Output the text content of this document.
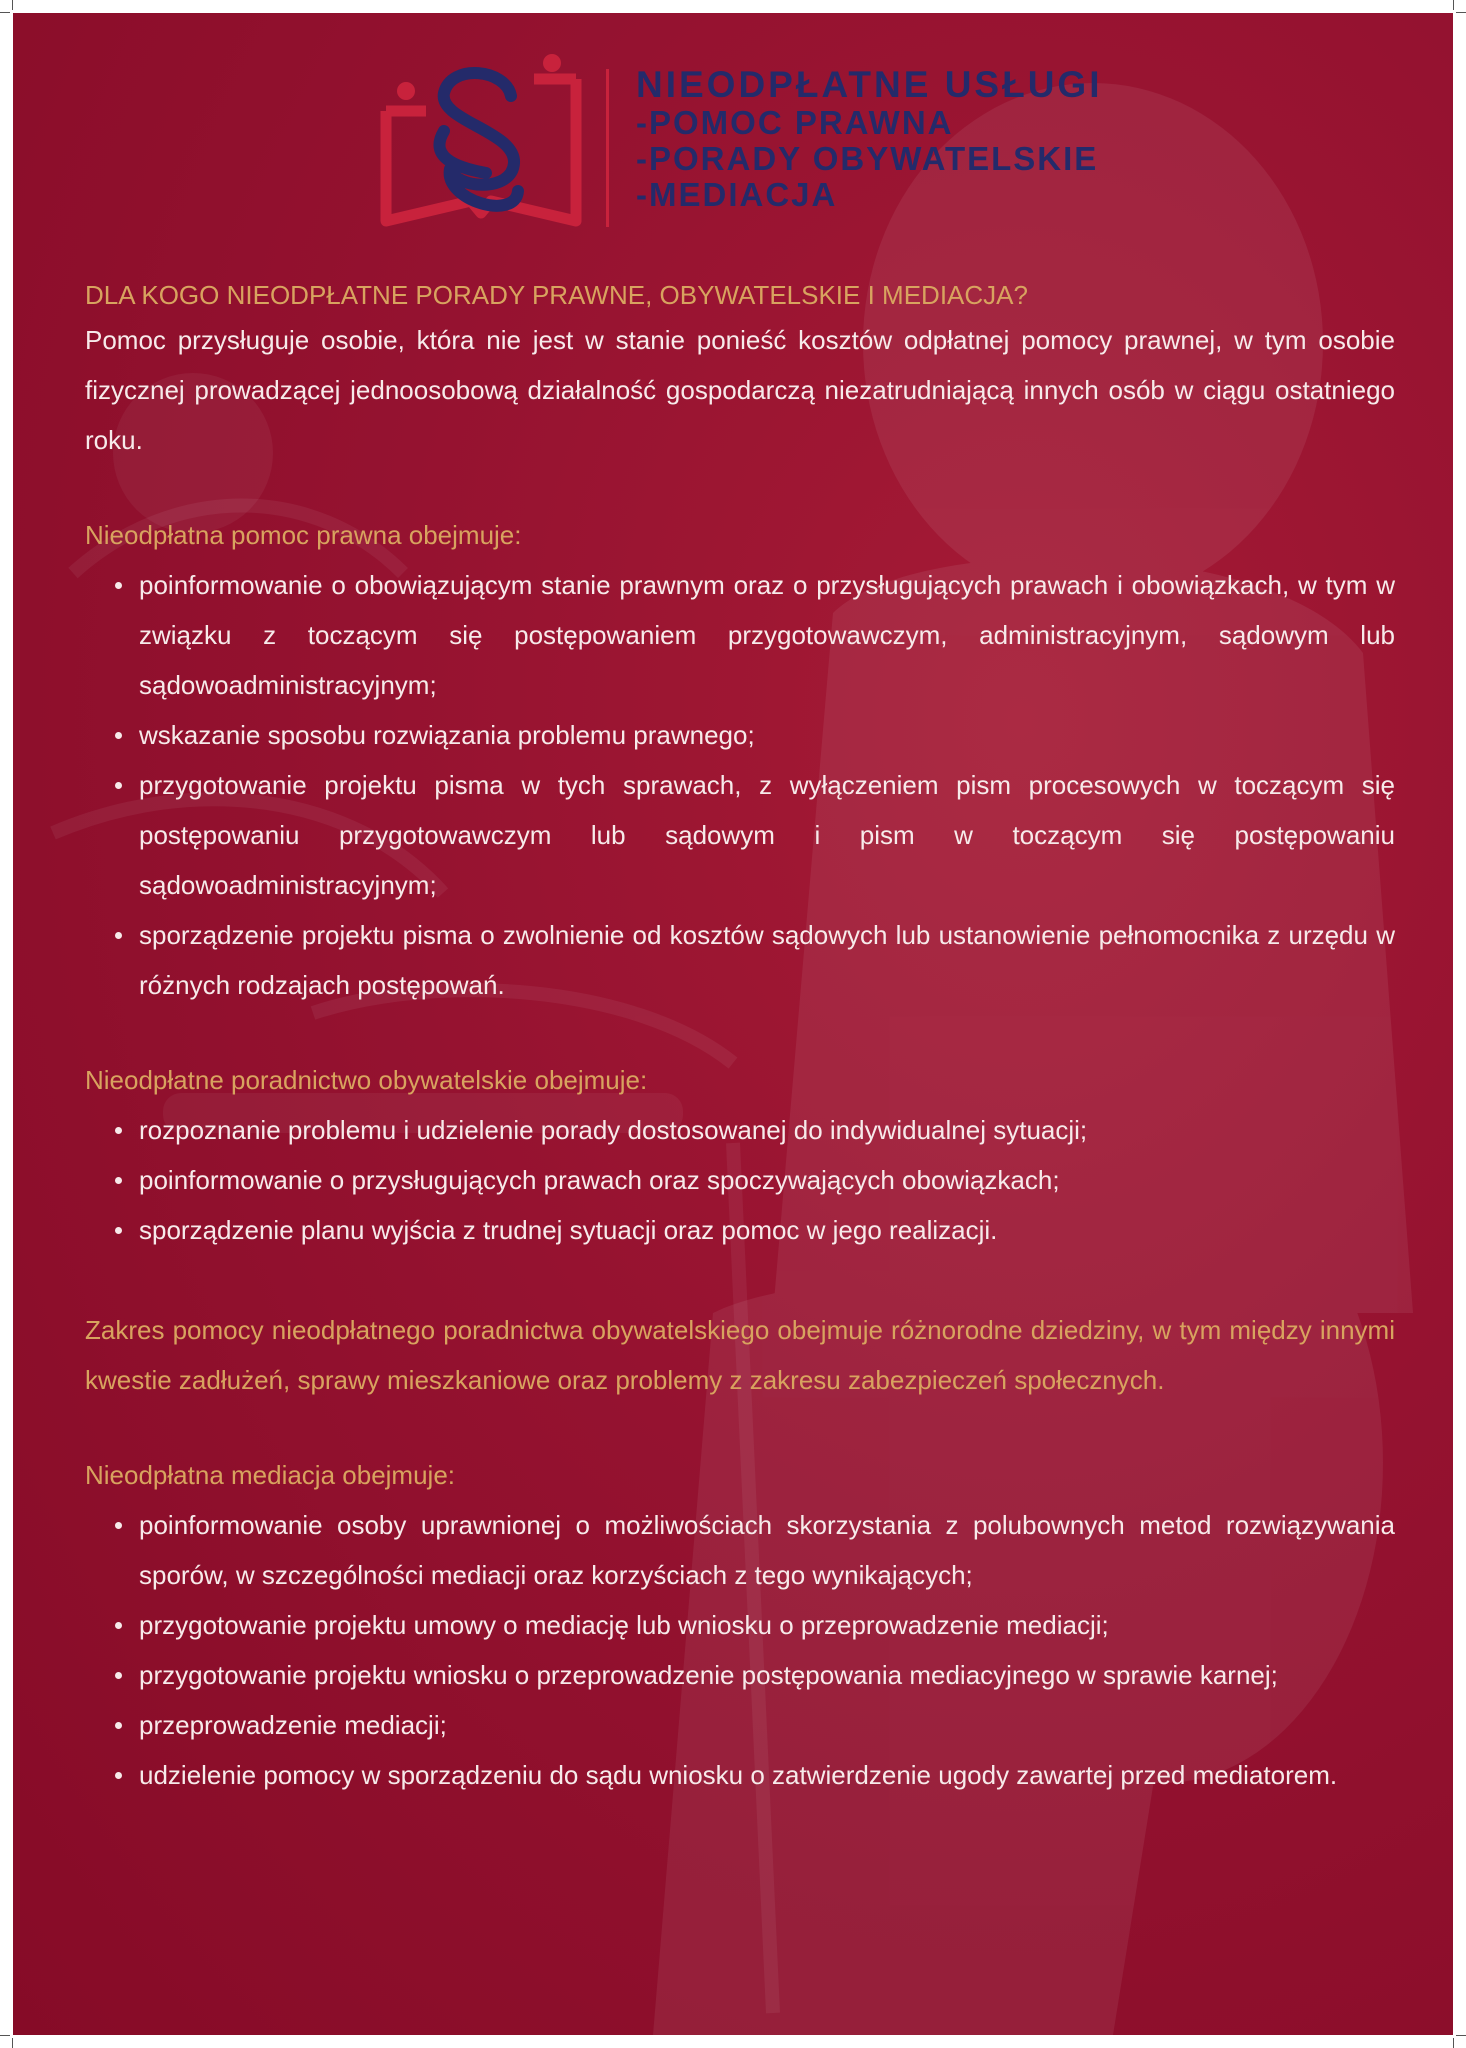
NIEODPŁATNE USŁUGI
-POMOC PRAWNA
-PORADY OBYWATELSKIE
-MEDIACJA

DLA KOGO NIEODPŁATNE PORADY PRAWNE, OBYWATELSKIE I MEDIACJA?

Pomoc przysługuje osobie, która nie jest w stanie ponieść kosztów odpłatnej pomocy prawnej, w tym osobie fizycznej prowadzącej jednoosobową działalność gospodarczą niezatrudniającą innych osób w ciągu ostatniego roku.

Nieodpłatna pomoc prawna obejmuje:

poinformowanie o obowiązującym stanie prawnym oraz o przysługujących prawach i obowiązkach, w tym w związku z toczącym się postępowaniem przygotowawczym, administracyjnym, sądowym lub sądowoadministracyjnym;
wskazanie sposobu rozwiązania problemu prawnego;
przygotowanie projektu pisma w tych sprawach, z wyłączeniem pism procesowych w toczącym się postępowaniu przygotowawczym lub sądowym i pism w toczącym się postępowaniu sądowoadministracyjnym;
sporządzenie projektu pisma o zwolnienie od kosztów sądowych lub ustanowienie pełnomocnika z urzędu w różnych rodzajach postępowań.

Nieodpłatne poradnictwo obywatelskie obejmuje:

rozpoznanie problemu i udzielenie porady dostosowanej do indywidualnej sytuacji;
poinformowanie o przysługujących prawach oraz spoczywających obowiązkach;
sporządzenie planu wyjścia z trudnej sytuacji oraz pomoc w jego realizacji.

Zakres pomocy nieodpłatnego poradnictwa obywatelskiego obejmuje różnorodne dziedziny, w tym między innymi kwestie zadłużeń, sprawy mieszkaniowe oraz problemy z zakresu zabezpieczeń społecznych.

Nieodpłatna mediacja obejmuje:

poinformowanie osoby uprawnionej o możliwościach skorzystania z polubownych metod rozwiązywania sporów, w szczególności mediacji oraz korzyściach z tego wynikających;
przygotowanie projektu umowy o mediację lub wniosku o przeprowadzenie mediacji;
przygotowanie projektu wniosku o przeprowadzenie postępowania mediacyjnego w sprawie karnej;
przeprowadzenie mediacji;
udzielenie pomocy w sporządzeniu do sądu wniosku o zatwierdzenie ugody zawartej przed mediatorem.
